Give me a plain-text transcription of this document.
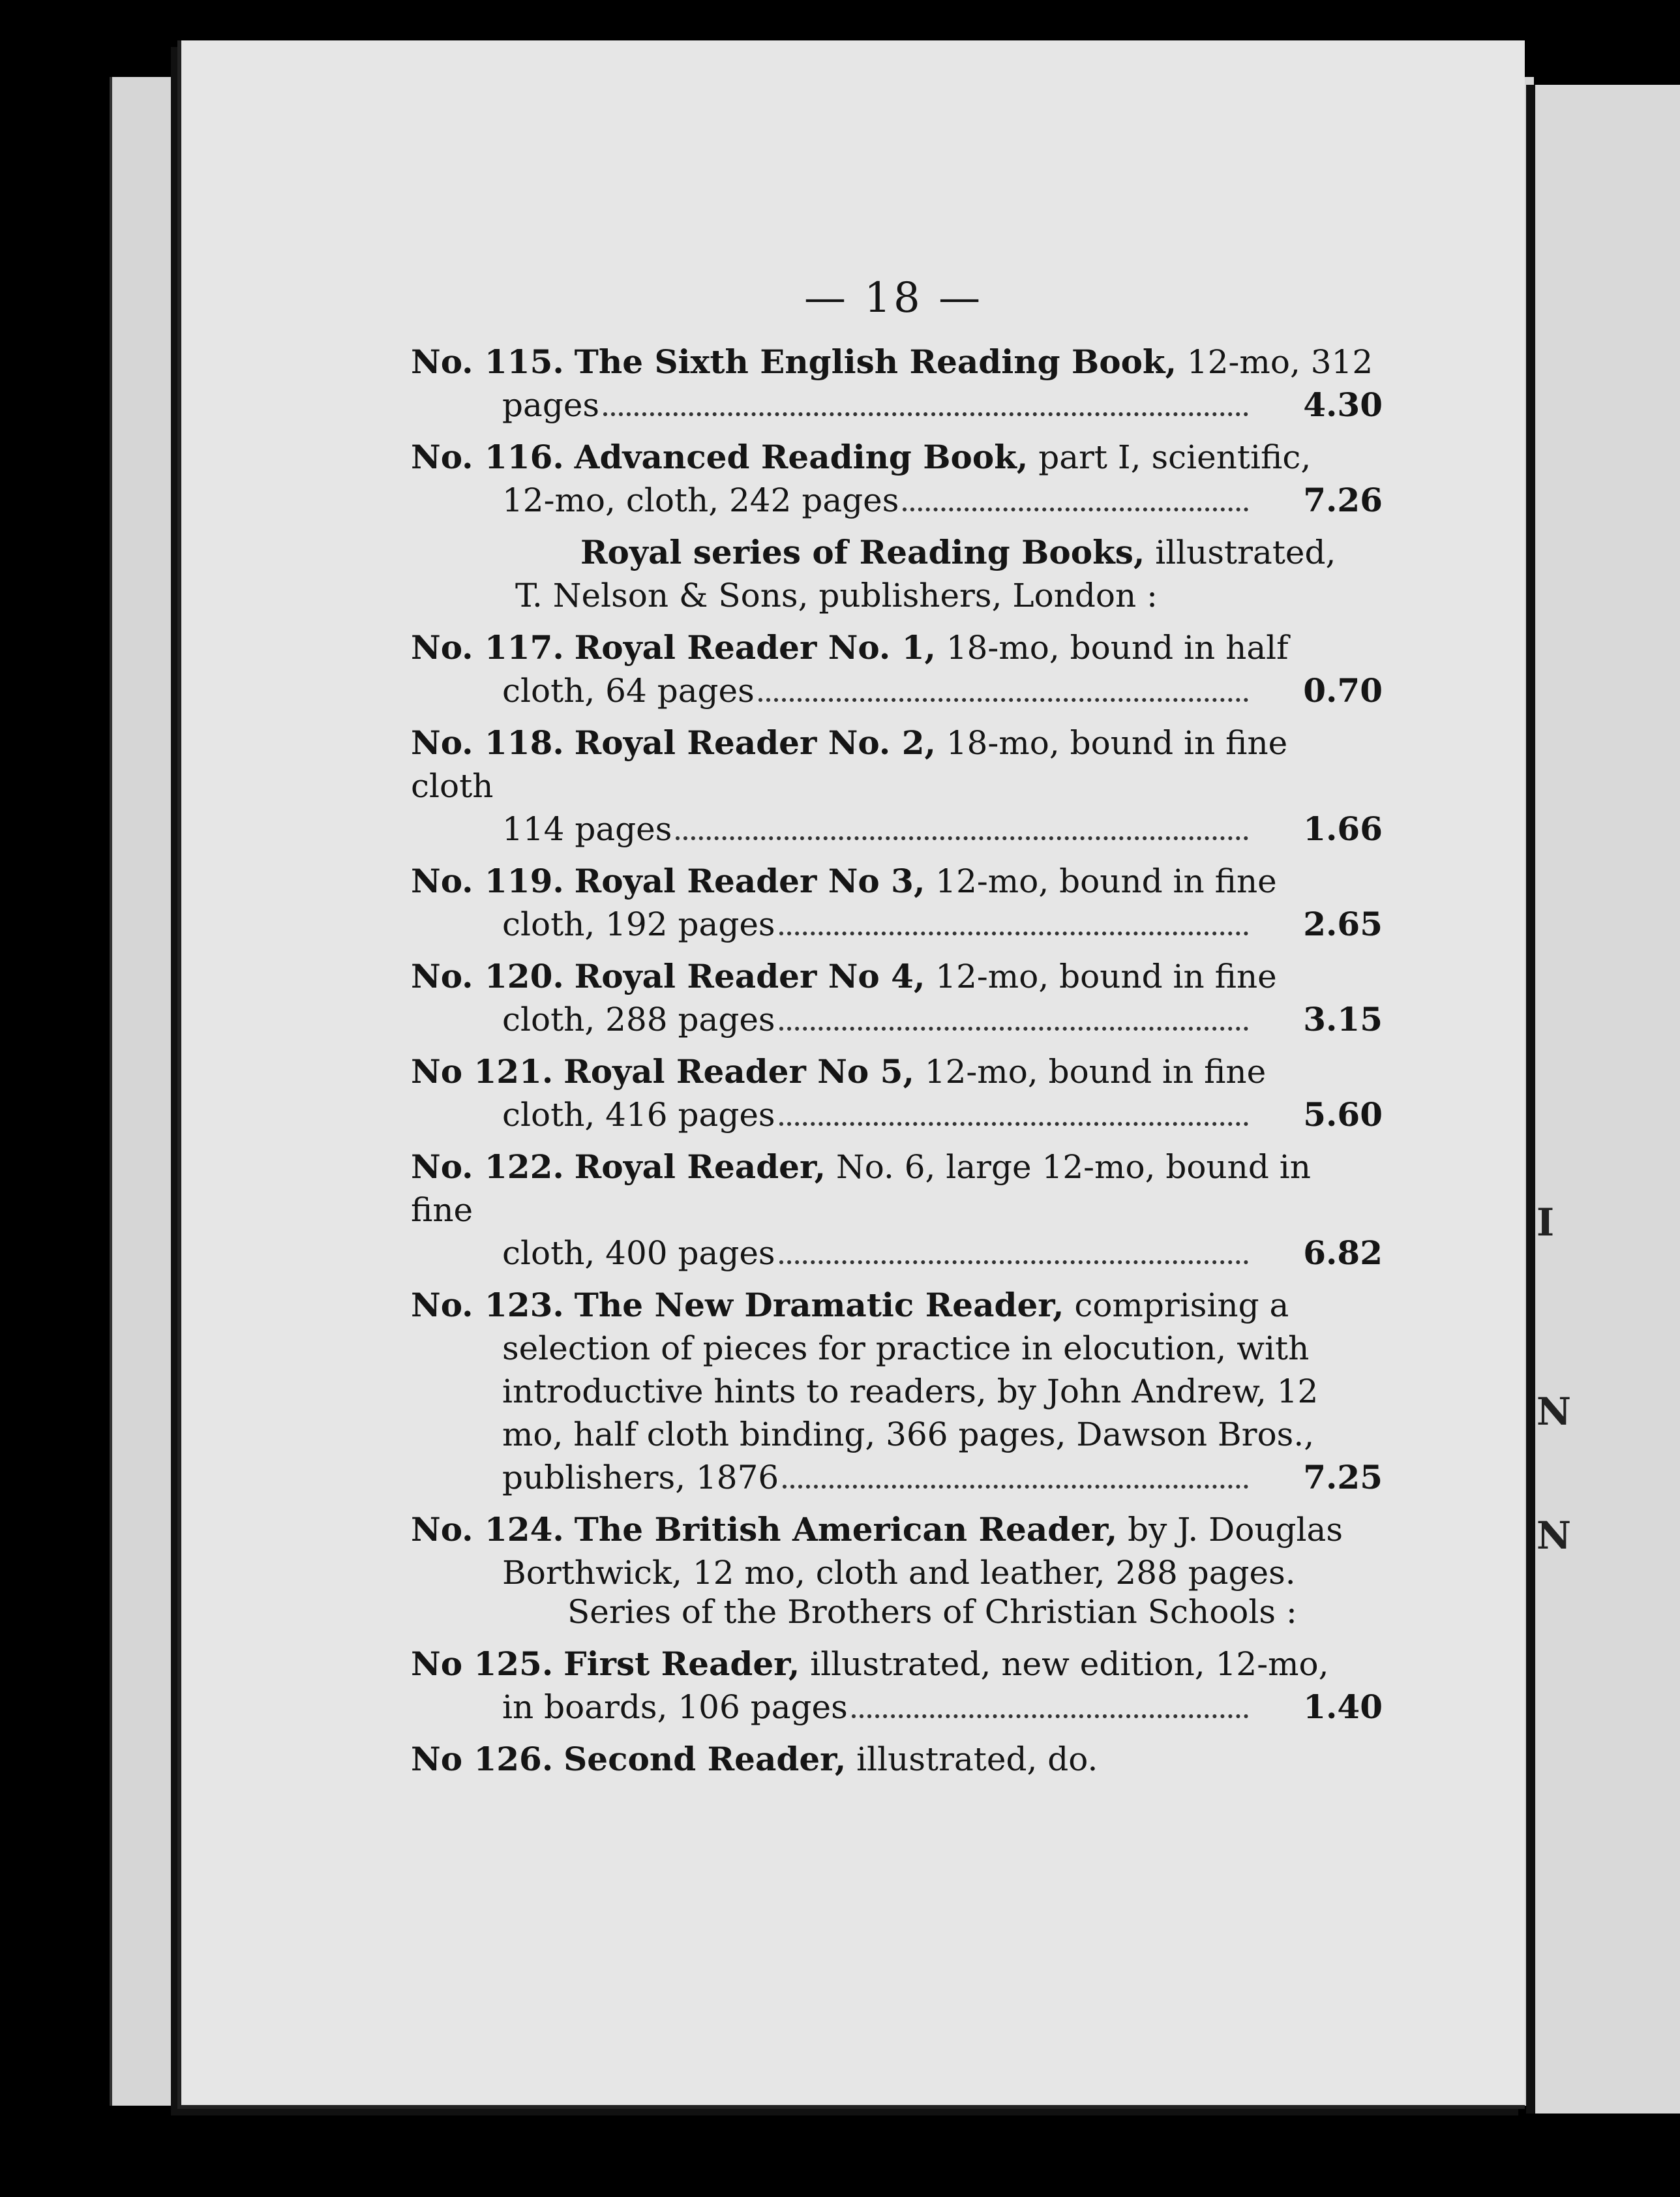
I
N
N
— 18 —
No. 115. The Sixth English Reading Book, 12-mo, 312
pages	4.30
No. 116. Advanced Reading Book, part I, scientific,
12-mo, cloth, 242 pages	7.26
Royal series of Reading Books, illustrated,
T. Nelson & Sons, publishers, London :
No. 117. Royal Reader No. 1, 18-mo, bound in half
cloth, 64 pages	0.70
No. 118. Royal Reader No. 2, 18-mo, bound in fine cloth
114 pages	1.66
No. 119. Royal Reader No 3, 12-mo, bound in fine
cloth, 192 pages	2.65
No. 120. Royal Reader No 4, 12-mo, bound in fine
cloth, 288 pages	3.15
No 121. Royal Reader No 5, 12-mo, bound in fine
cloth, 416 pages	5.60
No. 122. Royal Reader, No. 6, large 12-mo, bound in fine
cloth, 400 pages	6.82
No. 123. The New Dramatic Reader, comprising a
selection of pieces for practice in elocution, with
introductive hints to readers, by John Andrew, 12
mo, half cloth binding, 366 pages, Dawson Bros.,
publishers, 1876	7.25
No. 124. The British American Reader, by J. Douglas
Borthwick, 12 mo, cloth and leather, 288 pages.
Series of the Brothers of Christian Schools :
No 125. First Reader, illustrated, new edition, 12-mo,
in boards, 106 pages	1.40
No 126. Second Reader, illustrated, do.
